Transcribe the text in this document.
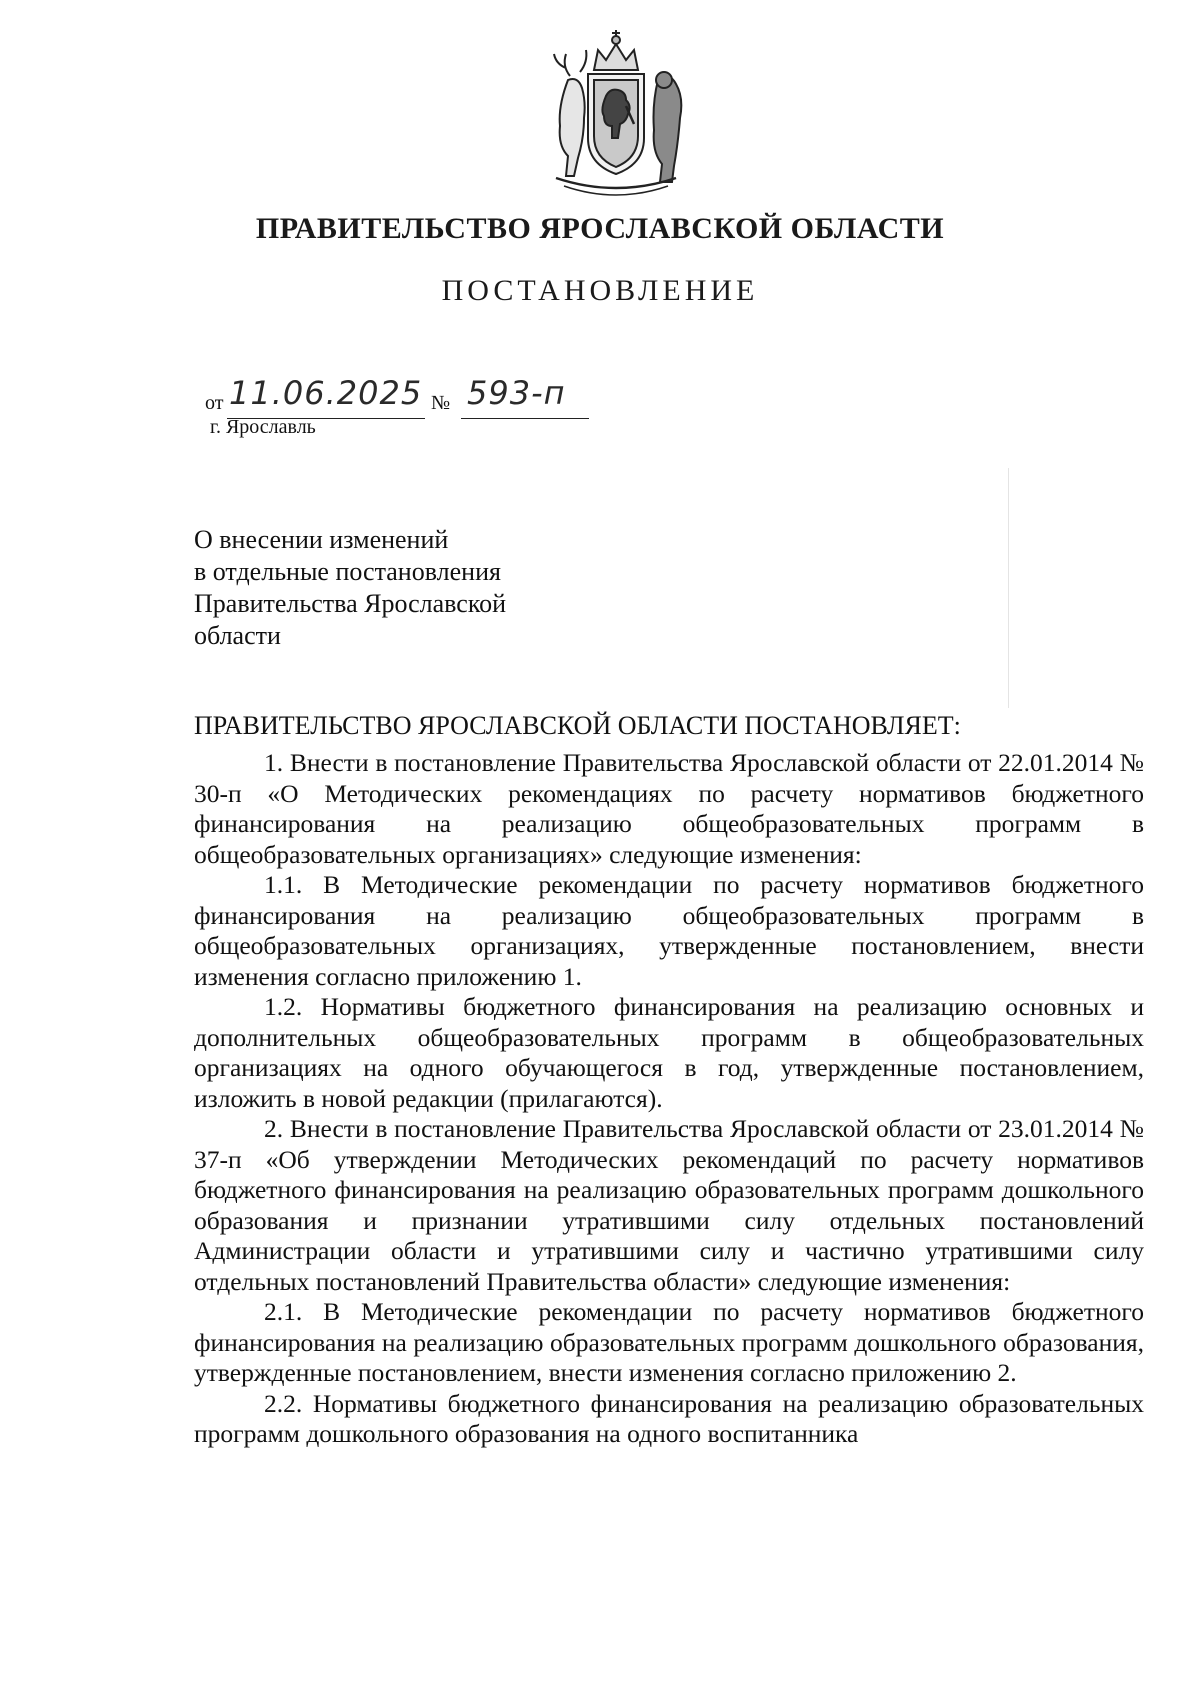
ПРАВИТЕЛЬСТВО ЯРОСЛАВСКОЙ ОБЛАСТИ
ПОСТАНОВЛЕНИЕ
от 11.06.2025 № 593-п
г. Ярославль
О внесении изменений
в отдельные постановления
Правительства Ярославской
области
ПРАВИТЕЛЬСТВО ЯРОСЛАВСКОЙ ОБЛАСТИ ПОСТАНОВЛЯЕТ:

1. Внести в постановление Правительства Ярославской области от 22.01.2014 № 30-п «О Методических рекомендациях по расчету нормативов бюджетного финансирования на реализацию общеобразовательных программ в общеобразовательных организациях» следующие изменения:

1.1. В Методические рекомендации по расчету нормативов бюджетного финансирования на реализацию общеобразовательных программ в общеобразовательных организациях, утвержденные постановлением, внести изменения согласно приложению 1.

1.2. Нормативы бюджетного финансирования на реализацию основных и дополнительных общеобразовательных программ в общеобразовательных организациях на одного обучающегося в год, утвержденные постановлением, изложить в новой редакции (прилагаются).

2. Внести в постановление Правительства Ярославской области от 23.01.2014 № 37-п «Об утверждении Методических рекомендаций по расчету нормативов бюджетного финансирования на реализацию образовательных программ дошкольного образования и признании утратившими силу отдельных постановлений Администрации области и утратившими силу и частично утратившими силу отдельных постановлений Правительства области» следующие изменения:

2.1. В Методические рекомендации по расчету нормативов бюджетного финансирования на реализацию образовательных программ дошкольного образования, утвержденные постановлением, внести изменения согласно приложению 2.

2.2. Нормативы бюджетного финансирования на реализацию образовательных программ дошкольного образования на одного воспитанника
